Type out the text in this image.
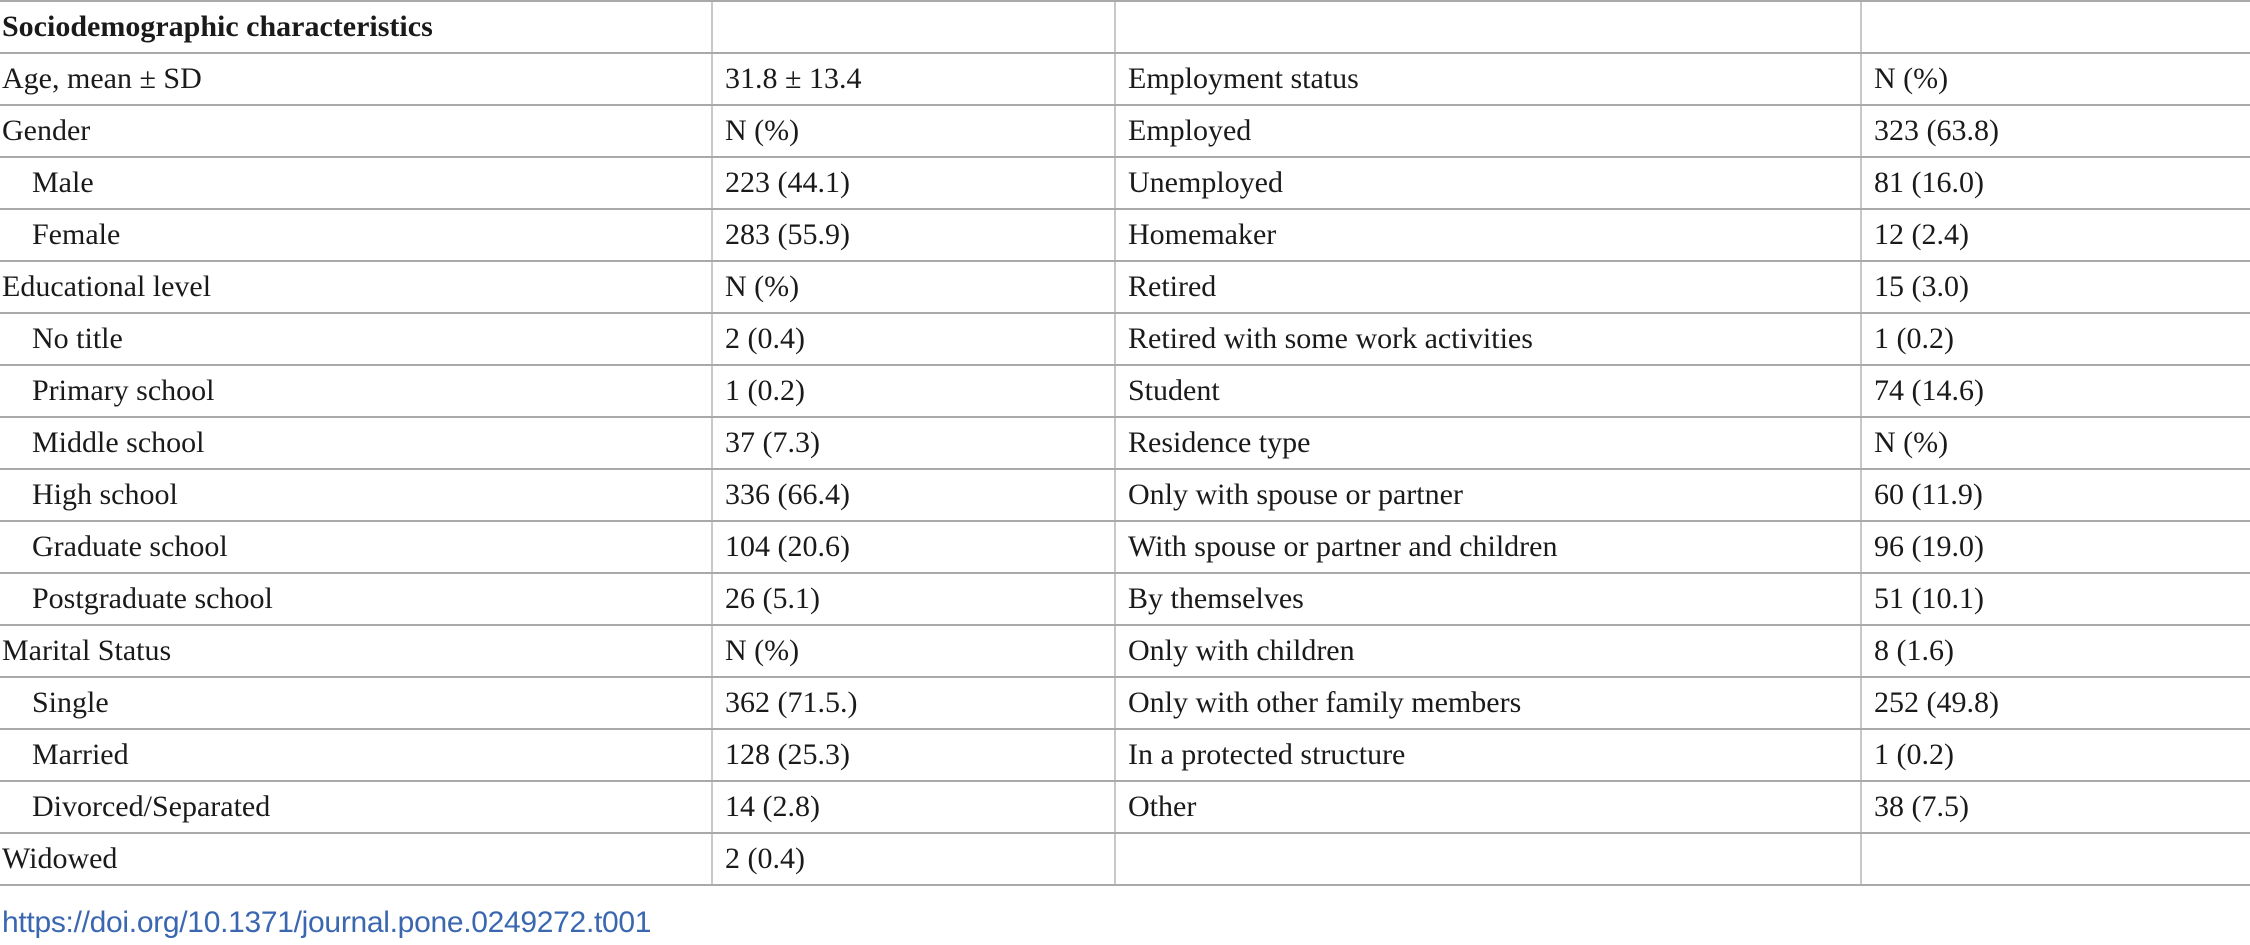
Sociodemographic characteristics			
Age, mean ± SD	31.8 ± 13.4	Employment status	N (%)
Gender	N (%)	Employed	323 (63.8)
Male	223 (44.1)	Unemployed	81 (16.0)
Female	283 (55.9)	Homemaker	12 (2.4)
Educational level	N (%)	Retired	15 (3.0)
No title	2 (0.4)	Retired with some work activities	1 (0.2)
Primary school	1 (0.2)	Student	74 (14.6)
Middle school	37 (7.3)	Residence type	N (%)
High school	336 (66.4)	Only with spouse or partner	60 (11.9)
Graduate school	104 (20.6)	With spouse or partner and children	96 (19.0)
Postgraduate school	26 (5.1)	By themselves	51 (10.1)
Marital Status	N (%)	Only with children	8 (1.6)
Single	362 (71.5.)	Only with other family members	252 (49.8)
Married	128 (25.3)	In a protected structure	1 (0.2)
Divorced/Separated	14 (2.8)	Other	38 (7.5)
Widowed	2 (0.4)		
https://doi.org/10.1371/journal.pone.0249272.t001
